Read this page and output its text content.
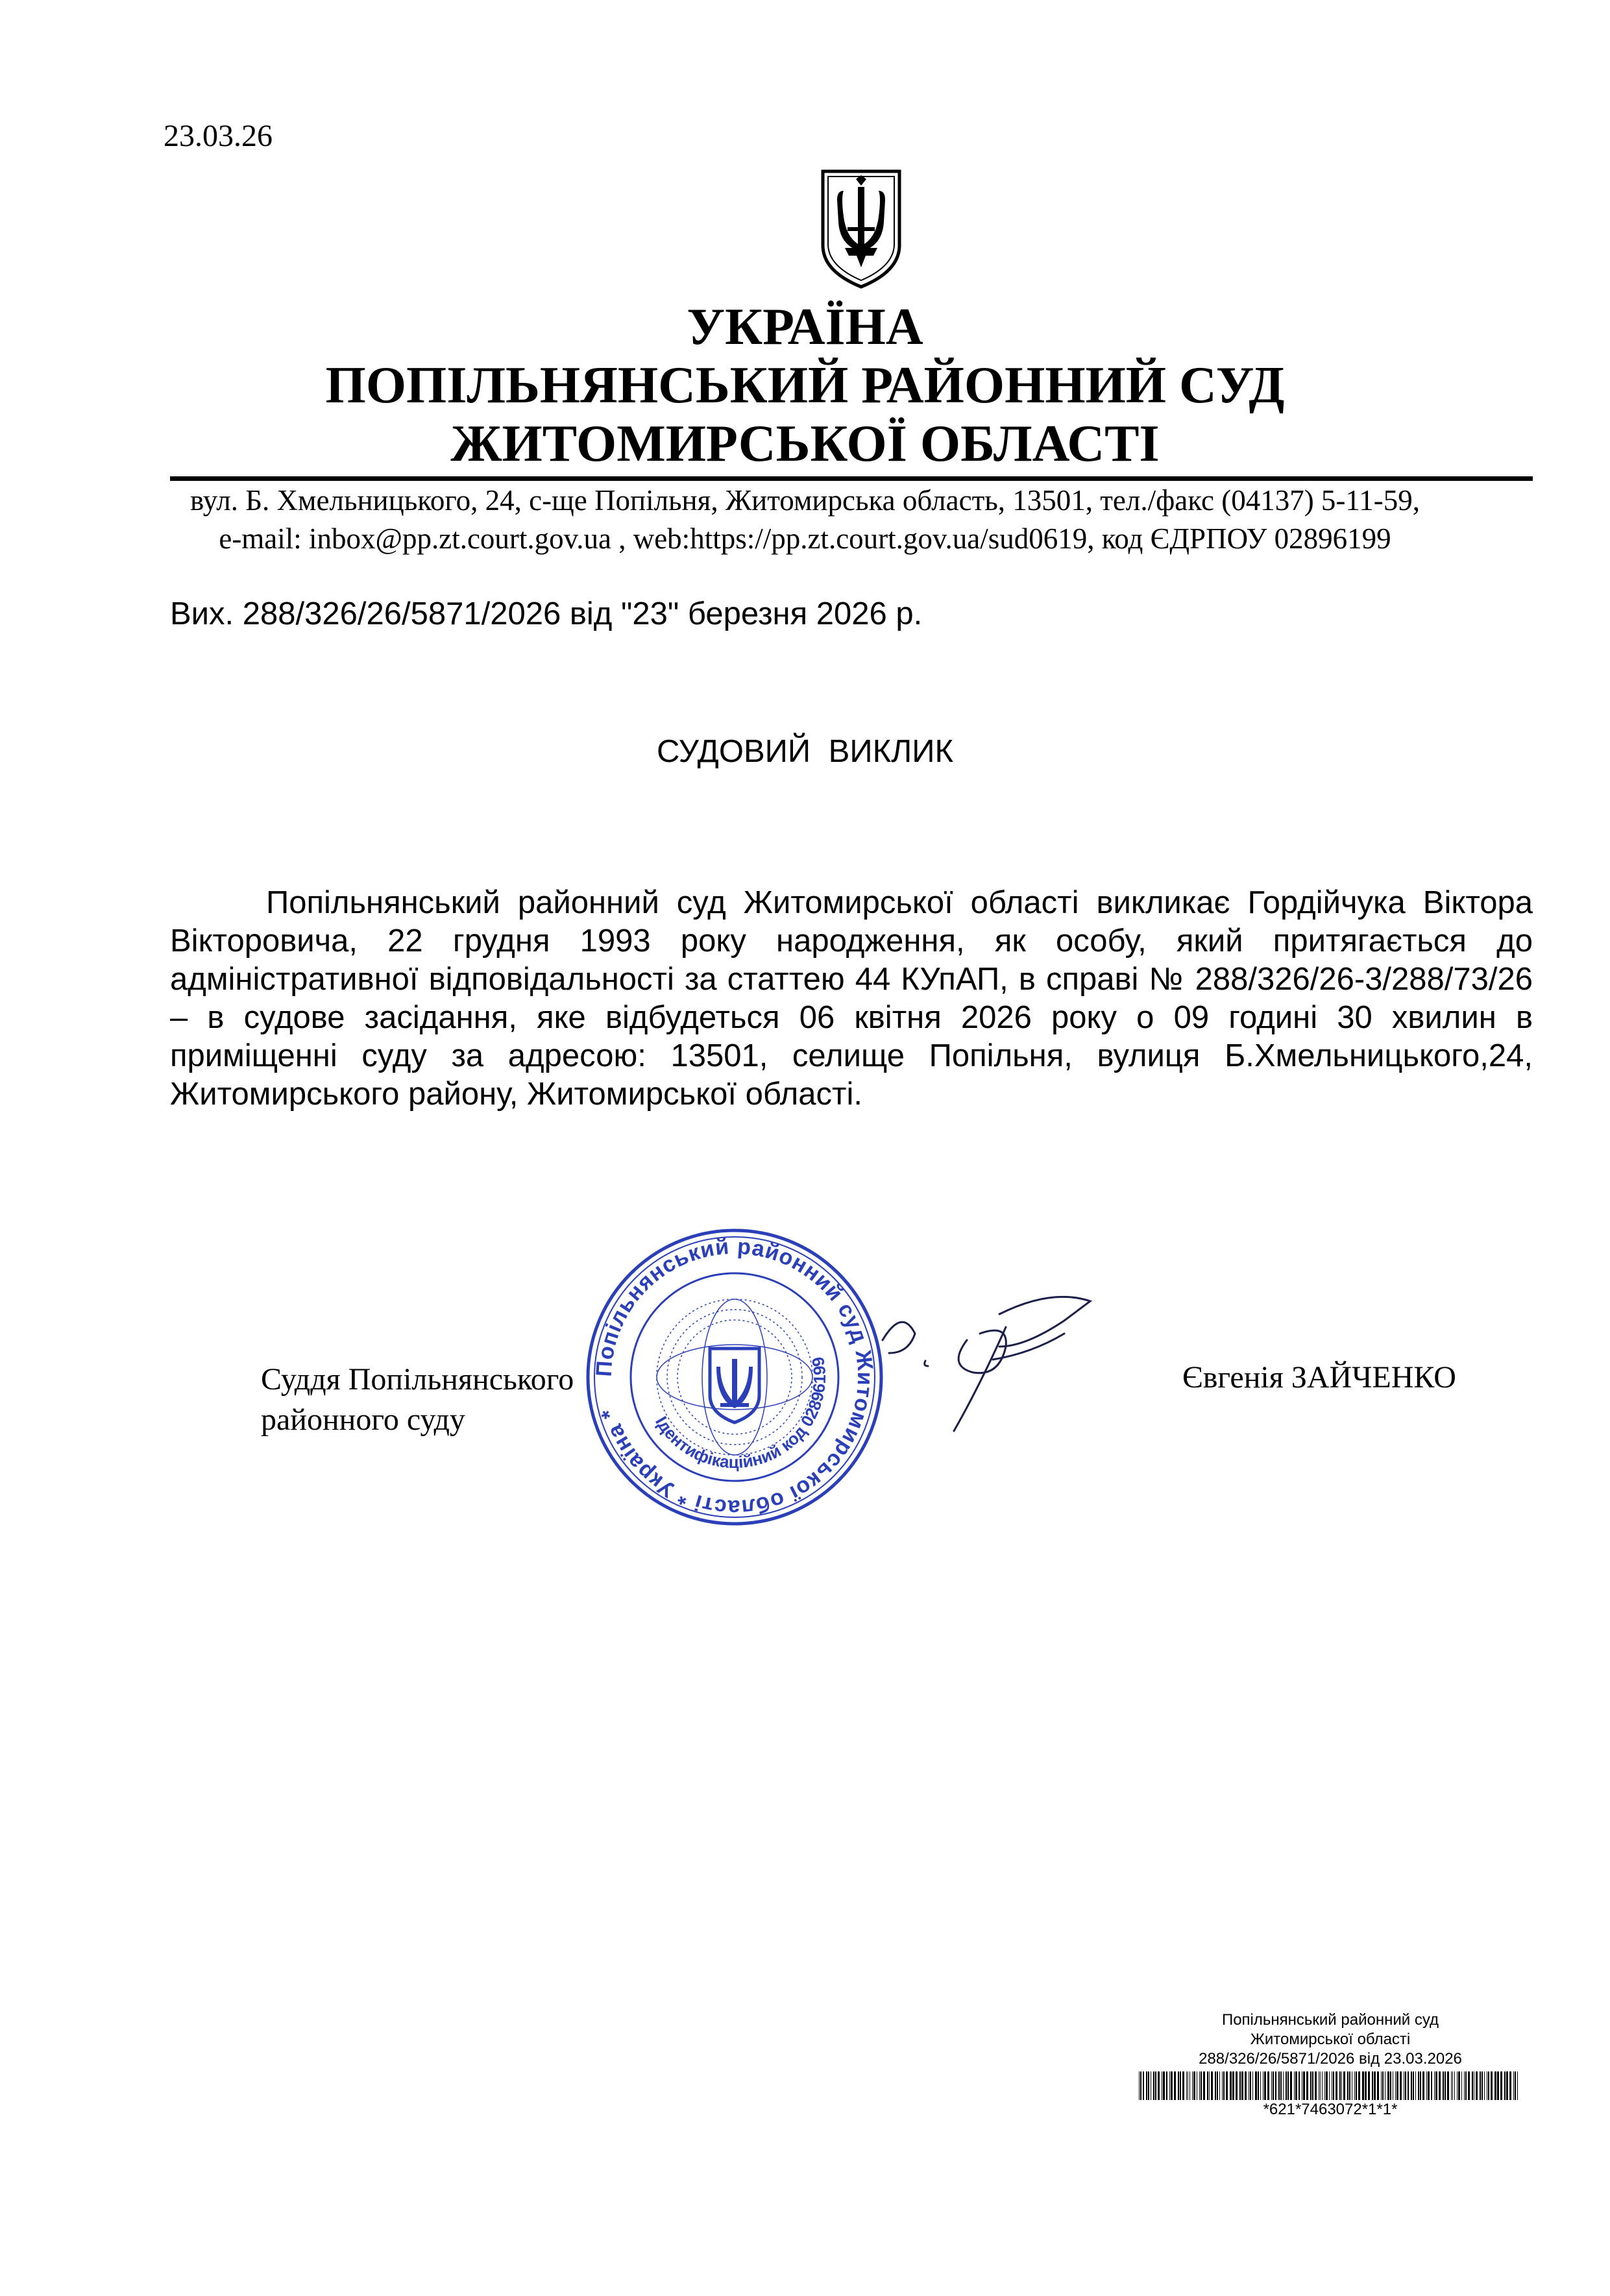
23.03.26
УКРАЇНА
ПОПІЛЬНЯНСЬКИЙ РАЙОННИЙ СУД
ЖИТОМИРСЬКОЇ ОБЛАСТІ
вул. Б. Хмельницького, 24, с-ще Попільня, Житомирська область, 13501, тел./факс (04137) 5-11-59,
e-mail: inbox@pp.zt.court.gov.ua , web:https://pp.zt.court.gov.ua/sud0619, код ЄДРПОУ 02896199
Вих. 288/326/26/5871/2026 від "23" березня 2026 р.
СУДОВИЙ ВИКЛИК

Попільнянський районний суд Житомирської області викликає Гордійчука Віктора Вікторовича, 22 грудня 1993 року народження, як особу, який притягається до адміністративної відповідальності за статтею 44 КУпАП, в справі № 288/326/26-3/288/73/26 – в судове засідання, яке відбудеться 06 квітня 2026 року о 09 годині 30 хвилин в приміщенні суду за адресою: 13501, селище Попільня, вулиця Б.Хмельницького,24, Житомирського району, Житомирської області.

Суддя Попільнянського
районного суду
Євгенія ЗАЙЧЕНКО
Попільнянський районний суд Житомирської області * Україна *	Ідентифікаційний код 02896199
Попільнянський районний суд
Житомирської області
288/326/26/5871/2026 від 23.03.2026
*621*7463072*1*1*
